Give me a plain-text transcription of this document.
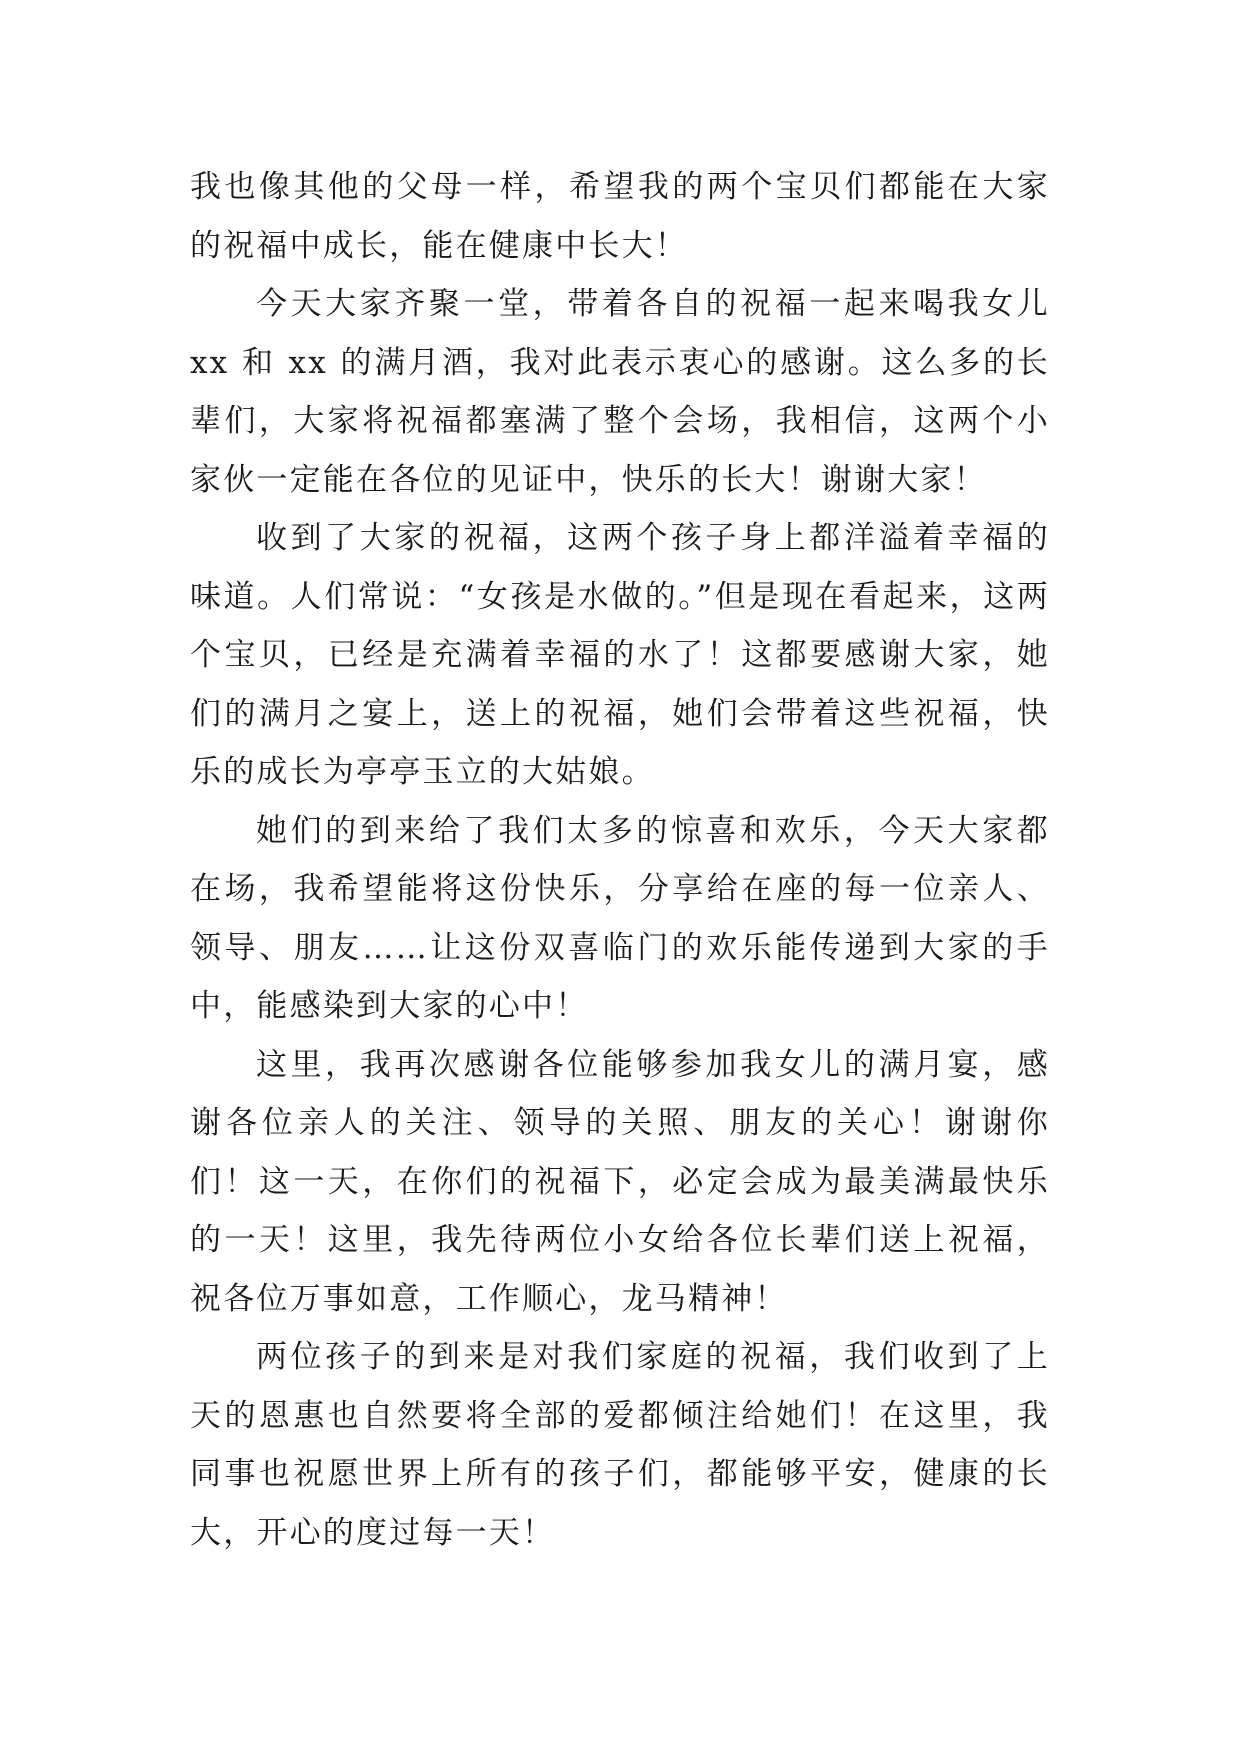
我也像其他的父母一样，希望我的两个宝贝们都能在大家的祝福中成长，能在健康中长大！

今天大家齐聚一堂，带着各自的祝福一起来喝我女儿 xx 和 xx 的满月酒，我对此表示衷心的感谢。这么多的长辈们，大家将祝福都塞满了整个会场，我相信，这两个小家伙一定能在各位的见证中，快乐的长大！谢谢大家！

收到了大家的祝福，这两个孩子身上都洋溢着幸福的味道。人们常说：“女孩是水做的。”但是现在看起来，这两个宝贝，已经是充满着幸福的水了！这都要感谢大家，她们的满月之宴上，送上的祝福，她们会带着这些祝福，快乐的成长为亭亭玉立的大姑娘。

她们的到来给了我们太多的惊喜和欢乐，今天大家都在场，我希望能将这份快乐，分享给在座的每一位亲人、领导、朋友……让这份双喜临门的欢乐能传递到大家的手中，能感染到大家的心中！

这里，我再次感谢各位能够参加我女儿的满月宴，感谢各位亲人的关注、领导的关照、朋友的关心！谢谢你们！这一天，在你们的祝福下，必定会成为最美满最快乐的一天！这里，我先待两位小女给各位长辈们送上祝福，祝各位万事如意，工作顺心，龙马精神！

两位孩子的到来是对我们家庭的祝福，我们收到了上天的恩惠也自然要将全部的爱都倾注给她们！在这里，我同事也祝愿世界上所有的孩子们，都能够平安，健康的长大，开心的度过每一天！
